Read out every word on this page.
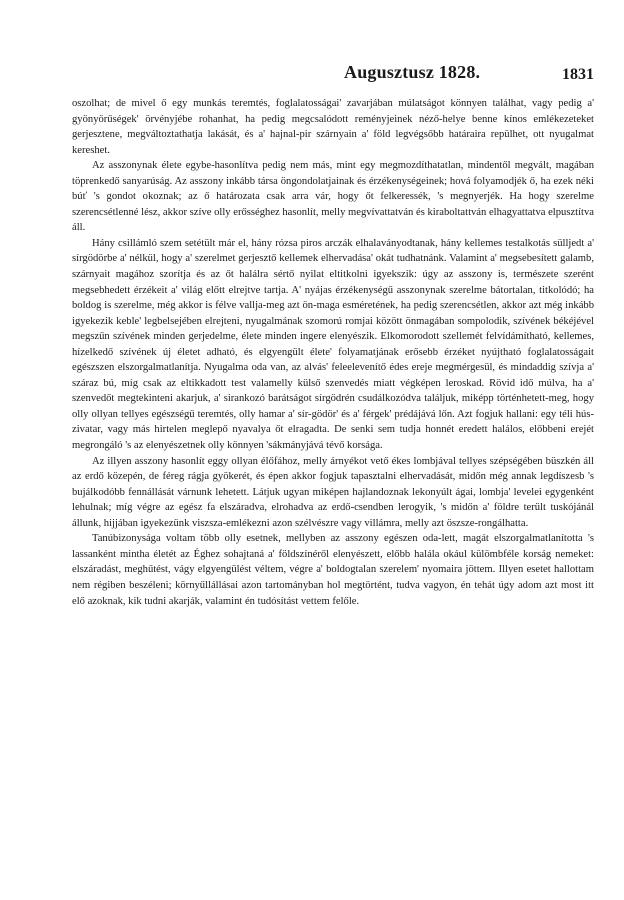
Augusztusz 1828.	1831

oszolhat; de mivel ő egy munkás teremtés, foglalatosságai' zavarjában múlatságot könnyen találhat, vagy pedig a' gyönyörűségek' örvényjébe rohanhat, ha pedig megcsalódott reményjeinek néző-helye benne kínos emlékezeteket gerjesztene, megváltoztathatja lakását, és a' hajnal-pir szárnyain a' föld legvégsőbb határaira repülhet, ott nyugalmat kereshet.

Az asszonynak élete egybe-hasonlítva pedig nem más, mint egy megmozdíthatatlan, mindentől megvált, magában töprenkedő sanyarúság. Az asszony inkább társa öngondolatjainak és érzékenységeinek; hová folyamodjék ő, ha ezek néki búť 's gondot okoznak; az ő határozata csak arra vár, hogy őt felkeressék, 's megnyerjék. Ha hogy szerelme szerencsétlenné lész, akkor szíve olly erősséghez hasonlít, melly megvívattatván és kiraboltattván elhagyattatva elpusztítva áll.

Hány csillámló szem setétült már el, hány rózsa piros arczák elhalaványodtanak, hány kellemes testalkotás sülljedt a' sírgödörbe a' nélkül, hogy a' szerelmet gerjesztő kellemek elhervadása' okát tudhatnánk. Valamint a' megsebesített galamb, szárnyait magához szorítja és az őt halálra sértő nyilat eltitkolni igyekszik: úgy az asszony is, természete szerént megsebhedett érzékeit a' világ előtt elrejtve tartja. A' nyájas érzékenységű asszonynak szerelme bátortalan, titkolódó; ha boldog is szerelme, még akkor is félve vallja-meg azt ön-maga esméretének, ha pedig szerencsétlen, akkor azt még inkább igyekezik keble' legbelsejében elrejteni, nyugalmának szomorú romjai között önmagában sompolodik, szívének békéjével megszűn szívének minden gerjedelme, élete minden ingere elenyészik. Elkomorodott szellemét felvídámítható, kellemes, hízelkedő szívének új életet adható, és elgyengült élete' folyamatjának erősebb érzéket nyújtható foglalatosságait egészszen elszorgalmatlanítja. Nyugalma oda van, az alvás' feleelevenítő édes ereje megmérgesül, és mindaddig szívja a' száraz bú, míg csak az eltikkadott test valamelly külső szenvedés miatt végképen leroskad. Rövid idő múlva, ha a' szenvedőt megtekinteni akarjuk, a' sirankozó barátságot sírgödrén csudálkozódva találjuk, miképp történhetett-meg, hogy olly ollyan tellyes egészségű teremtés, olly hamar a' sír-gödör' és a' férgek' prédájává lőn. Azt fogjuk hallani: egy téli hús-zivatar, vagy más hirtelen meglepő nyavalya őt elragadta. De senki sem tudja honnét eredett halálos, előbbeni erejét megrongáló 's az elenyészetnek olly könnyen 'sákmányjává tévő korsága.

Az illyen asszony hasonlít eggy ollyan élőfához, melly árnyékot vető ékes lombjával tellyes szépségében büszkén áll az erdő közepén, de féreg rágja gyökerét, és épen akkor fogjuk tapasztalni elhervadását, midőn még annak legdíszesb 's bujálkodóbb fennállását várnunk lehetett. Látjuk ugyan miképen hajlandoznak lekonyúlt ágai, lombja' levelei egygenként lehulnak; míg végre az egész fa elszáradva, elrohadva az erdő-csendben lerogyik, 's midőn a' földre terült tuskójánál állunk, hijjában igyekezünk viszsza-emlékezni azon szélvészre vagy villámra, melly azt öszsze-rongálhatta.

Tanúbizonysága voltam több olly esetnek, mellyben az asszony egészen oda-lett, magát elszorgalmatlanította 's lassanként mintha életét az Éghez sohajtaná a' földszínéről elenyészett, előbb halála okául külömbféle korság nemeket: elszáradást, meghűtést, vágy elgyengülést véltem, végre a' boldogtalan szerelem' nyomaira jöttem. Illyen esetet hallottam nem régiben beszéleni; környűllállásai azon tartományban hol megtörtént, tudva vagyon, én tehát úgy adom azt most itt elő azoknak, kik tudni akarják, valamint én tudósítást vettem felőle.
